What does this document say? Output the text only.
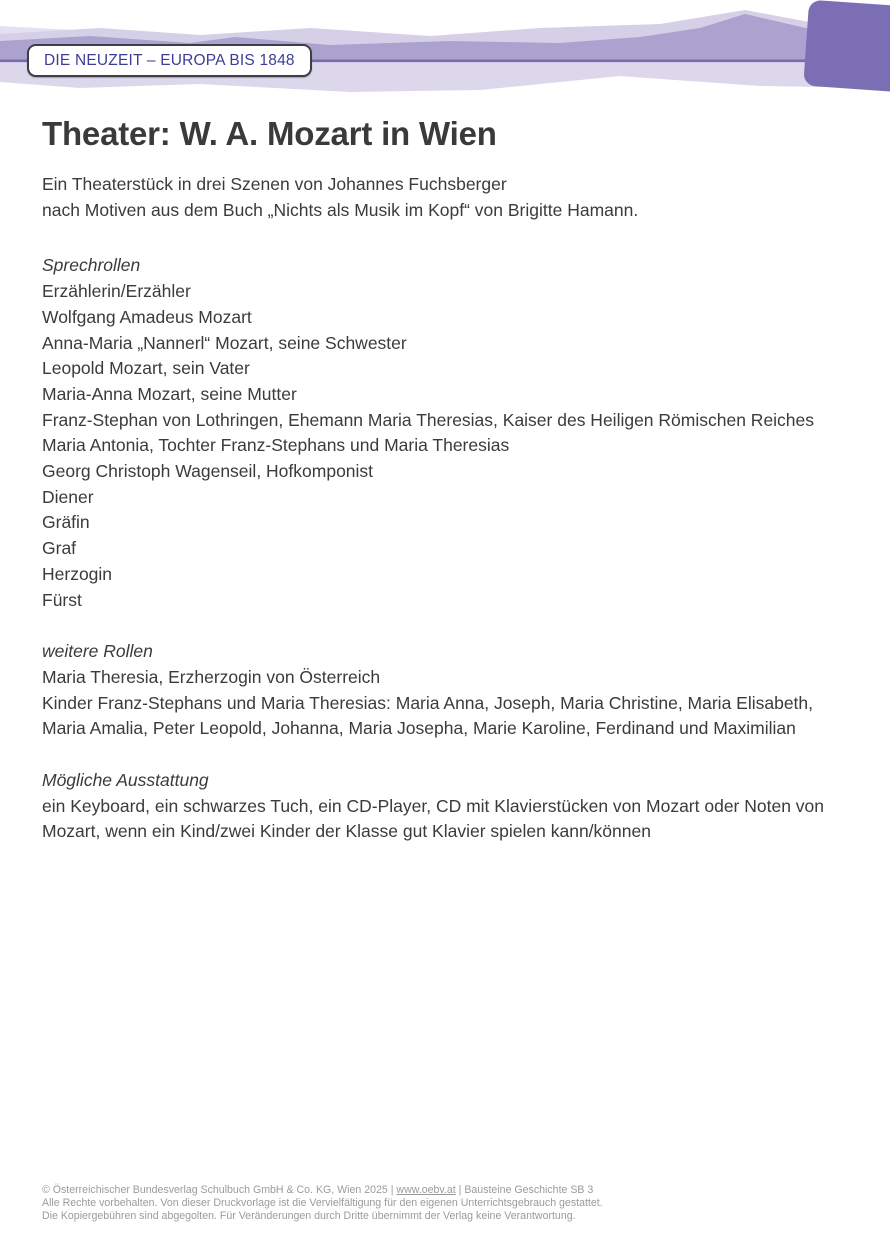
DIE NEUZEIT – EUROPA BIS 1848
Theater: W. A. Mozart in Wien
Ein Theaterstück in drei Szenen von Johannes Fuchsberger
nach Motiven aus dem Buch „Nichts als Musik im Kopf“ von Brigitte Hamann.
Sprechrollen
Erzählerin/Erzähler
Wolfgang Amadeus Mozart
Anna-Maria „Nannerl“ Mozart, seine Schwester
Leopold Mozart, sein Vater
Maria-Anna Mozart, seine Mutter
Franz-Stephan von Lothringen, Ehemann Maria Theresias, Kaiser des Heiligen Römischen Reiches
Maria Antonia, Tochter Franz-Stephans und Maria Theresias
Georg Christoph Wagenseil, Hofkomponist
Diener
Gräfin
Graf
Herzogin
Fürst
weitere Rollen
Maria Theresia, Erzherzogin von Österreich
Kinder Franz-Stephans und Maria Theresias: Maria Anna, Joseph, Maria Christine, Maria Elisabeth, Maria Amalia, Peter Leopold, Johanna, Maria Josepha, Marie Karoline, Ferdinand und Maximilian
Mögliche Ausstattung
ein Keyboard, ein schwarzes Tuch, ein CD-Player, CD mit Klavierstücken von Mozart oder Noten von Mozart, wenn ein Kind/zwei Kinder der Klasse gut Klavier spielen kann/können
© Österreichischer Bundesverlag Schulbuch GmbH & Co. KG, Wien 2025 | www.oebv.at | Bausteine Geschichte SB 3
Alle Rechte vorbehalten. Von dieser Druckvorlage ist die Vervielfältigung für den eigenen Unterrichtsgebrauch gestattet.
Die Kopiergebühren sind abgegolten. Für Veränderungen durch Dritte übernimmt der Verlag keine Verantwortung.
